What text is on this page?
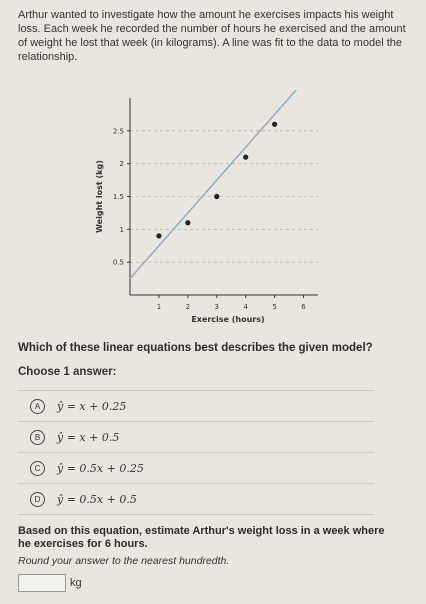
Arthur wanted to investigate how the amount he exercises impacts his weight loss. Each week he recorded the number of hours he exercised and the amount of weight he lost that week (in kilograms). A line was fit to the data to model the relationship.
1	2	3	4	5	6
0.5
1
1.5
2
2.5
Exercise (hours)
Weight lost (kg)
Which of these linear equations best describes the given model?
Choose 1 answer:
A	ŷ = x + 0.25
B	ŷ = x + 0.5
C	ŷ = 0.5x + 0.25
D	ŷ = 0.5x + 0.5
Based on this equation, estimate Arthur's weight loss in a week where he exercises for 6 hours.
Round your answer to the nearest hundredth.
kg
